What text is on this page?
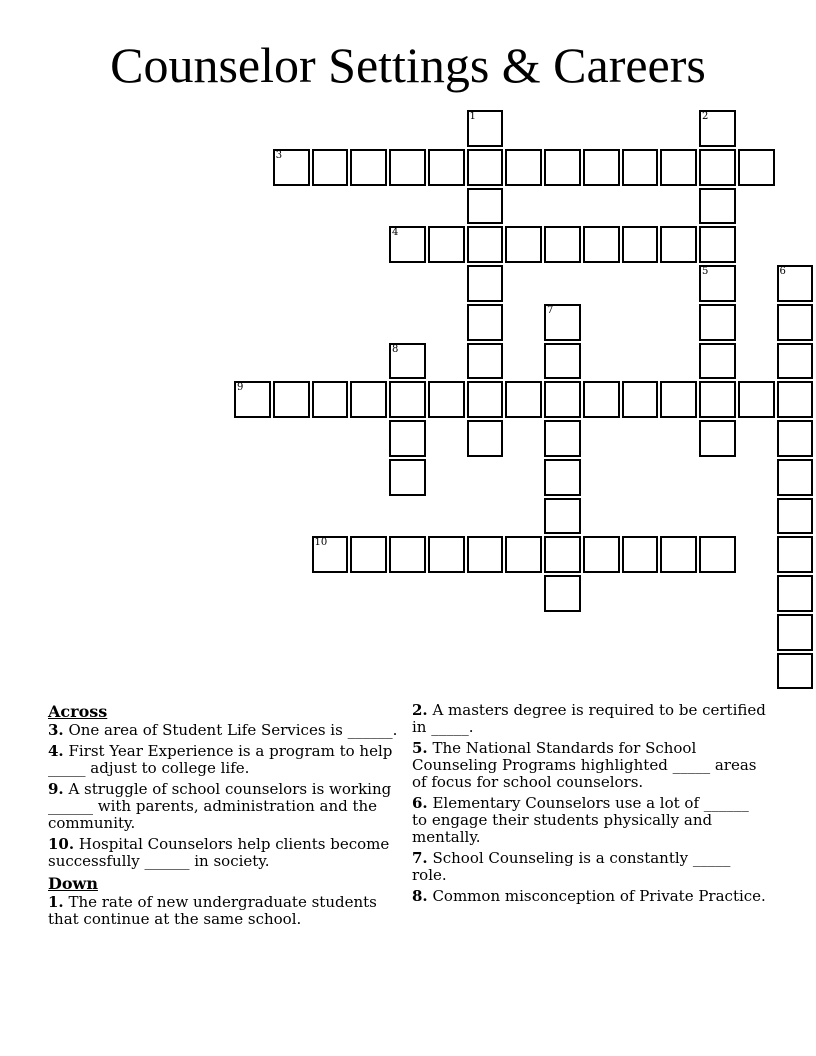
Counselor Settings & Careers
1	2
3
4
5	6
7
8
9
10
Across
3. One area of Student Life Services is ______.
4. First Year Experience is a program to help _____ adjust to college life.
9. A struggle of school counselors is working ______ with parents, administration and the community.
10. Hospital Counselors help clients become successfully ______ in society.
Down
1. The rate of new undergraduate students that continue at the same school.
2. A masters degree is required to be certified in _____.
5. The National Standards for School Counseling Programs highlighted _____ areas of focus for school counselors.
6. Elementary Counselors use a lot of ______ to engage their students physically and mentally.
7. School Counseling is a constantly _____ role.
8. Common misconception of Private Practice.
